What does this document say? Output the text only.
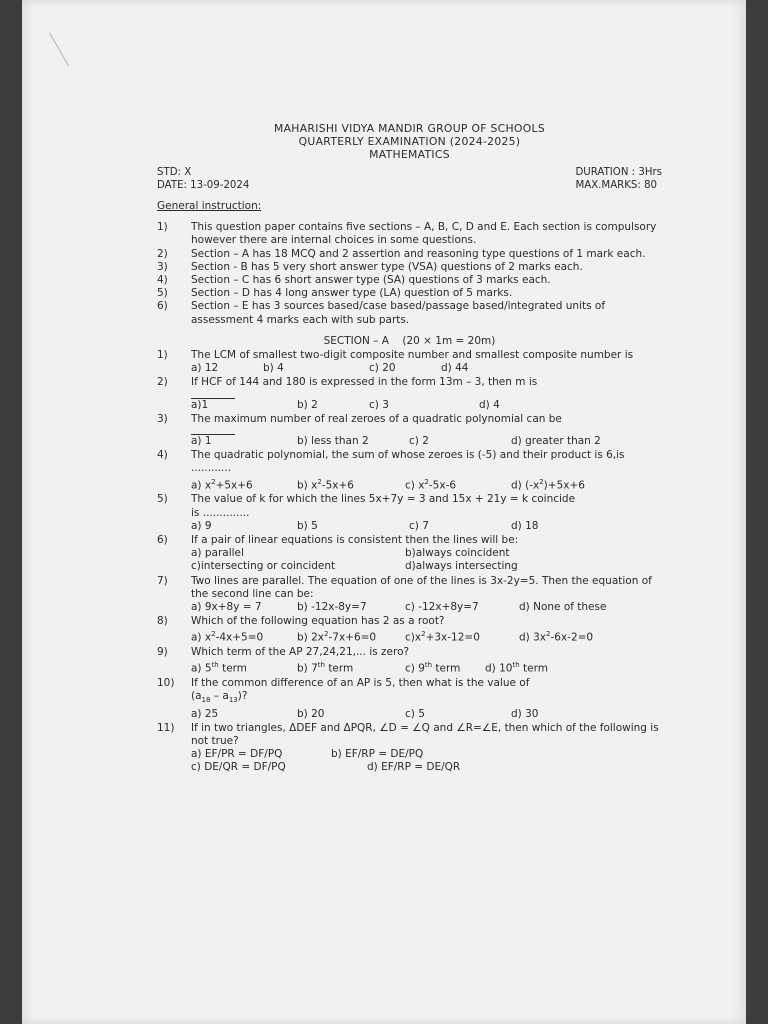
MAHARISHI VIDYA MANDIR GROUP OF SCHOOLS
QUARTERLY EXAMINATION (2024-2025)
MATHEMATICS
STD: X
DATE: 13-09-2024
DURATION : 3Hrs
MAX.MARKS: 80
General instruction:
1)	This question paper contains five sections – A, B, C, D and E. Each section is compulsory however there are internal choices in some questions.
2)	Section – A has 18 MCQ and 2 assertion and reasoning type questions of 1 mark each.
3)	Section - B has 5 very short answer type (VSA) questions of 2 marks each.
4)	Section – C has 6 short answer type (SA) questions of 3 marks each.
5)	Section – D has 4 long answer type (LA) question of 5 marks.
6)	Section – E has 3 sources based/case based/passage based/integrated units of assessment 4 marks each with sub parts.
SECTION – A (20 × 1m = 20m)
1)	The LCM of smallest two-digit composite number and smallest composite number is
a) 12	b) 4	c) 20	d) 44
2)	If HCF of 144 and 180 is expressed in the form 13m – 3, then m is
a)1	b) 2	c) 3	d) 4
3)	The maximum number of real zeroes of a quadratic polynomial can be
a) 1	b) less than 2	c) 2	d) greater than 2
4)	The quadratic polynomial, the sum of whose zeroes is (-5) and their product is 6,is ............
a) $x^2+5x+6$	b) $x^2-5x+6$	c) $x^2-5x-6$	d) $(-x^2)+5x+6$
5)	The value of k for which the lines 5x+7y = 3 and 15x + 21y = k coincide
is ..............
a) 9	b) 5	c) 7	d) 18
6)	If a pair of linear equations is consistent then the lines will be:
a) parallel	b)always coincident
c)intersecting or coincident	d)always intersecting
7)	Two lines are parallel. The equation of one of the lines is 3x-2y=5. Then the equation of the second line can be:
a) 9x+8y = 7	b) -12x-8y=7	c) -12x+8y=7	d) None of these
8)	Which of the following equation has 2 as a root?
a) $x^2-4x+5=0$	b) $2x^2-7x+6=0$	$c)x^2+3x-12=0$	d) $3x^2-6x-2=0$
9)	Which term of the AP 27,24,21,... is zero?
a) 5th term	b) 7th term	c) 9th term	d) 10th term
10)	If the common difference of an AP is 5, then what is the value of
$(a_{18} - a_{13})$?
a) 25	b) 20	c) 5	d) 30
11)	If in two triangles, ΔDEF and ΔPQR, ∠D = ∠Q and ∠R=∠E, then which of the following is not true?
a) EF/PR = DF/PQ	b) EF/RP = DE/PQ
c) DE/QR = DF/PQ	d) EF/RP = DE/QR
